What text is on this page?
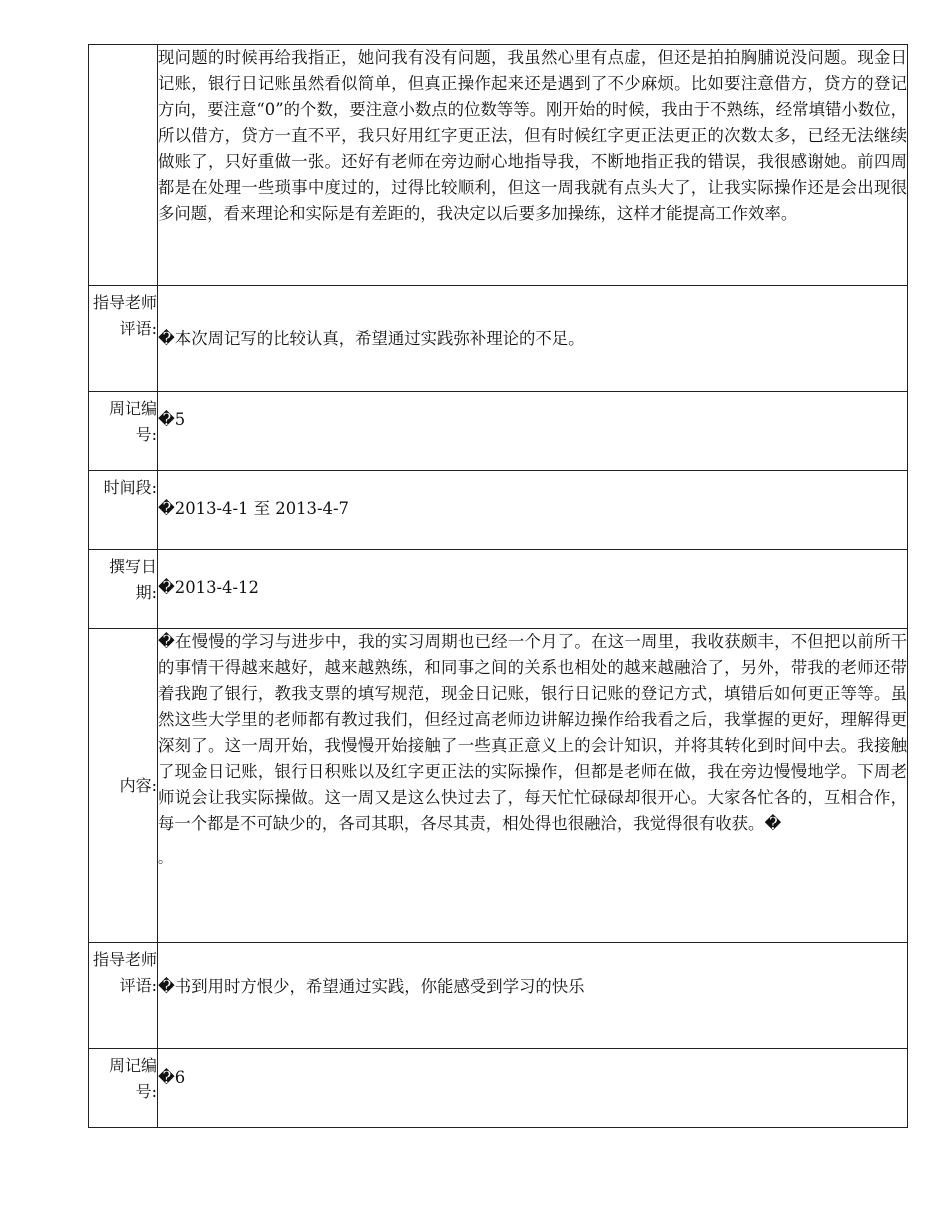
	现问题的时候再给我指正，她问我有没有问题，我虽然心里有点虚，但还是拍拍胸脯说没问题。现金日记账，银行日记账虽然看似简单，但真正操作起来还是遇到了不少麻烦。比如要注意借方，贷方的登记方向，要注意“0”的个数，要注意小数点的位数等等。刚开始的时候，我由于不熟练，经常填错小数位，所以借方，贷方一直不平，我只好用红字更正法，但有时候红字更正法更正的次数太多，已经无法继续做账了，只好重做一张。还好有老师在旁边耐心地指导我，不断地指正我的错误，我很感谢她。前四周都是在处理一些琐事中度过的，过得比较顺利，但这一周我就有点头大了，让我实际操作还是会出现很多问题，看来理论和实际是有差距的，我决定以后要多加操练，这样才能提高工作效率。

指导老师评语:	�本次周记写的比较认真，希望通过实践弥补理论的不足。

周记编号:	�5

时间段:	�2013-4-1 至 2013-4-7

撰写日期:	�2013-4-12
内容:	�在慢慢的学习与进步中，我的实习周期也已经一个月了。在这一周里，我收获颇丰，不但把以前所干的事情干得越来越好，越来越熟练，和同事之间的关系也相处的越来越融洽了，另外，带我的老师还带着我跑了银行，教我支票的填写规范，现金日记账，银行日记账的登记方式，填错后如何更正等等。虽然这些大学里的老师都有教过我们，但经过高老师边讲解边操作给我看之后，我掌握的更好，理解得更深刻了。这一周开始，我慢慢开始接触了一些真正意义上的会计知识，并将其转化到时间中去。我接触了现金日记账，银行日积账以及红字更正法的实际操作，但都是老师在做，我在旁边慢慢地学。下周老师说会让我实际操做。这一周又是这么快过去了，每天忙忙碌碌却很开心。大家各忙各的，互相合作，每一个都是不可缺少的，各司其职，各尽其责，相处得也很融洽，我觉得很有收获。�
。

指导老师评语:	�书到用时方恨少，希望通过实践，你能感受到学习的快乐

周记编号:	�6
